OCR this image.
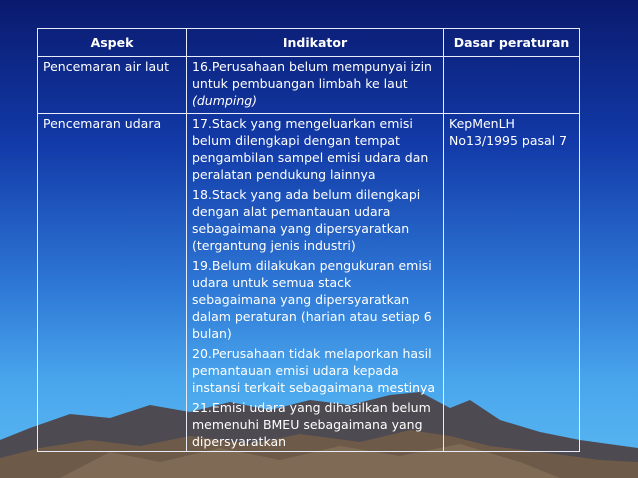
Aspek	Indikator	Dasar peraturan
Pencemaran air laut	16.Perusahaan belum mempunyai izin untuk pembuangan limbah ke laut (dumping)	

Pencemaran udara	17.Stack yang mengeluarkan emisi belum dilengkapi dengan tempat pengambilan sampel emisi udara dan peralatan pendukung lainnya
18.Stack yang ada belum dilengkapi dengan alat pemantauan udara sebagaimana yang dipersyaratkan (tergantung jenis industri)
19.Belum dilakukan pengukuran emisi udara untuk semua stack sebagaimana yang dipersyaratkan dalam peraturan (harian atau setiap 6 bulan)
20.Perusahaan tidak melaporkan hasil pemantauan emisi udara kepada instansi terkait sebagaimana mestinya
21.Emisi udara yang dihasilkan belum memenuhi BMEU sebagaimana yang dipersyaratkan	KepMenLH No13/1995 pasal 7
